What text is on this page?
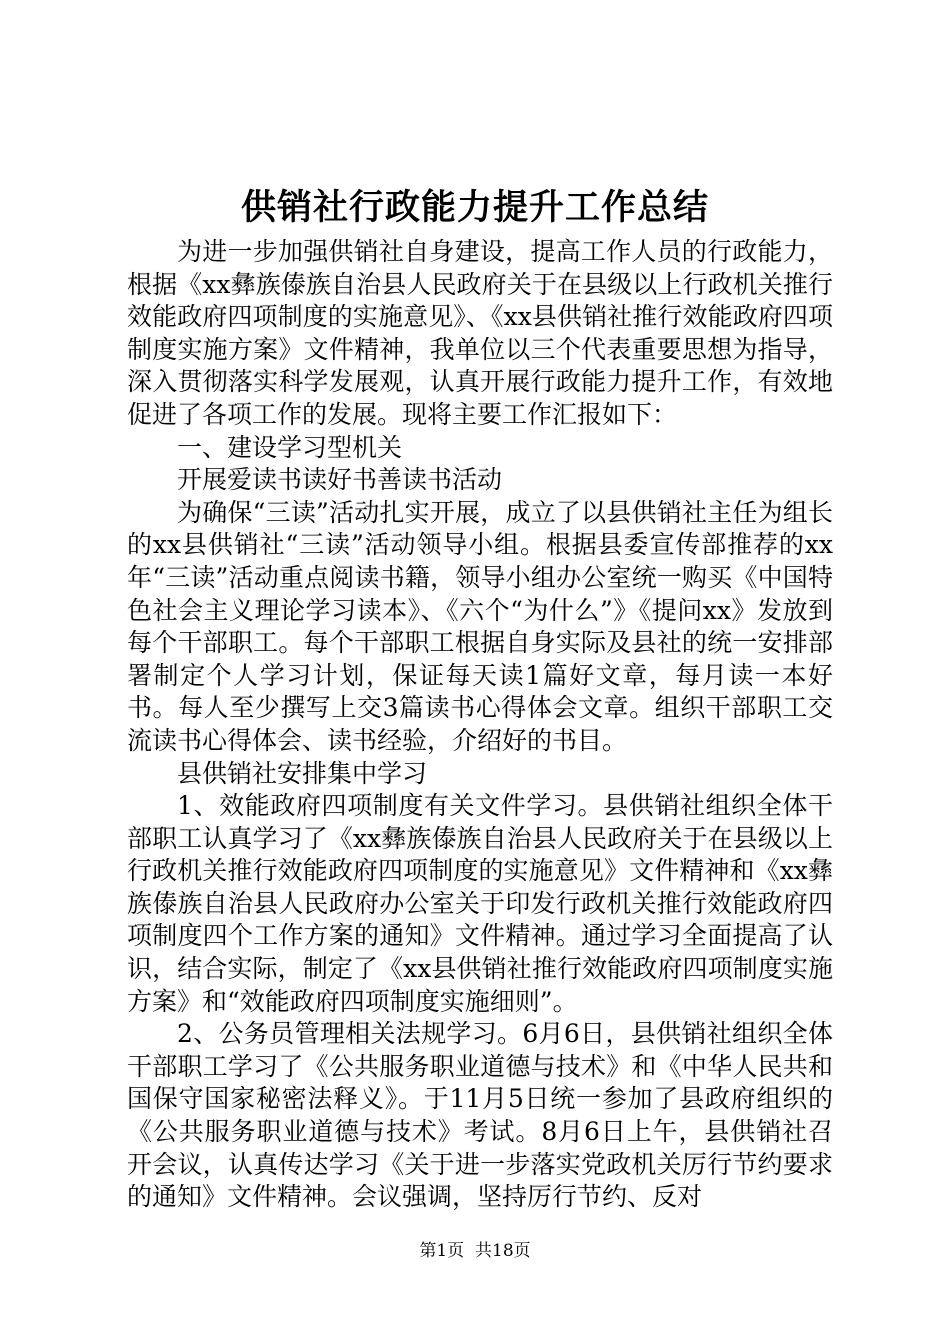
供销社行政能力提升工作总结

为进一步加强供销社自身建设，提高工作人员的行政能力，根据《xx彝族傣族自治县人民政府关于在县级以上行政机关推行效能政府四项制度的实施意见》、《xx县供销社推行效能政府四项制度实施方案》文件精神，我单位以三个代表重要思想为指导，深入贯彻落实科学发展观，认真开展行政能力提升工作，有效地促进了各项工作的发展。现将主要工作汇报如下：

一、建设学习型机关

开展爱读书读好书善读书活动

为确保“三读”活动扎实开展，成立了以县供销社主任为组长的xx县供销社“三读”活动领导小组。根据县委宣传部推荐的xx年“三读”活动重点阅读书籍，领导小组办公室统一购买《中国特色社会主义理论学习读本》、《六个“为什么”》《提问xx》发放到每个干部职工。每个干部职工根据自身实际及县社的统一安排部署制定个人学习计划，保证每天读1篇好文章，每月读一本好书。每人至少撰写上交3篇读书心得体会文章。组织干部职工交流读书心得体会、读书经验，介绍好的书目。

县供销社安排集中学习

1、效能政府四项制度有关文件学习。县供销社组织全体干部职工认真学习了《xx彝族傣族自治县人民政府关于在县级以上行政机关推行效能政府四项制度的实施意见》文件精神和《xx彝族傣族自治县人民政府办公室关于印发行政机关推行效能政府四项制度四个工作方案的通知》文件精神。通过学习全面提高了认识，结合实际，制定了《xx县供销社推行效能政府四项制度实施方案》和“效能政府四项制度实施细则”。

2、公务员管理相关法规学习。6月6日，县供销社组织全体干部职工学习了《公共服务职业道德与技术》和《中华人民共和国保守国家秘密法释义》。于11月5日统一参加了县政府组织的《公共服务职业道德与技术》考试。8月6日上午，县供销社召开会议，认真传达学习《关于进一步落实党政机关厉行节约要求的通知》文件精神。会议强调，坚持厉行节约、反对

第1页 共18页
